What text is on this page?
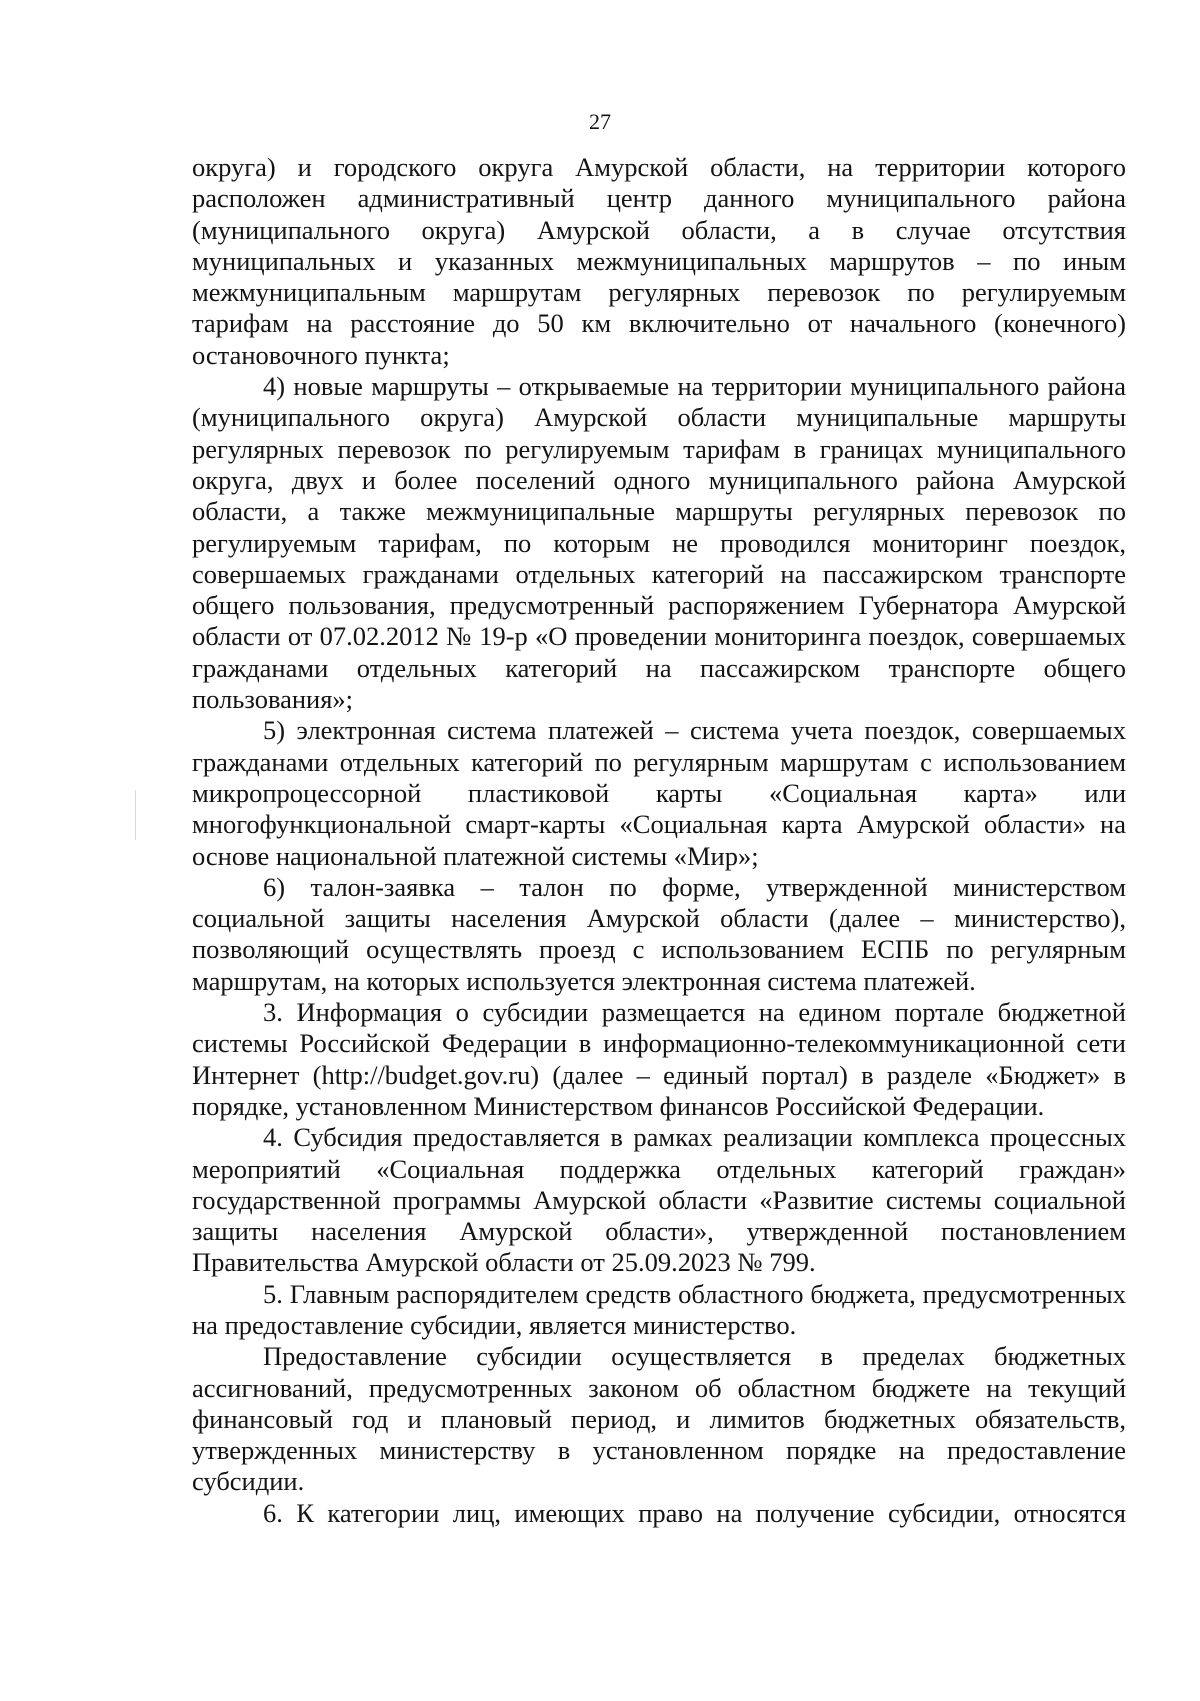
27

округа) и городского округа Амурской области, на территории которого расположен административный центр данного муниципального района (муниципального округа) Амурской области, а в случае отсутствия муниципальных и указанных межмуниципальных маршрутов – по иным межмуниципальным маршрутам регулярных перевозок по регулируемым тарифам на расстояние до 50 км включительно от начального (конечного) остановочного пункта;

4) новые маршруты – открываемые на территории муниципального района (муниципального округа) Амурской области муниципальные маршруты регулярных перевозок по регулируемым тарифам в границах муниципального округа, двух и более поселений одного муниципального района Амурской области, а также межмуниципальные маршруты регулярных перевозок по регулируемым тарифам, по которым не проводился мониторинг поездок, совершаемых гражданами отдельных категорий на пассажирском транспорте общего пользования, предусмотренный распоряжением Губернатора Амурской области от 07.02.2012 № 19-р «О проведении мониторинга поездок, совершаемых гражданами отдельных категорий на пассажирском транспорте общего пользования»;

5) электронная система платежей – система учета поездок, совершаемых гражданами отдельных категорий по регулярным маршрутам с использованием микропроцессорной пластиковой карты «Социальная карта» или многофункциональной смарт-карты «Социальная карта Амурской области» на основе национальной платежной системы «Мир»;

6) талон-заявка – талон по форме, утвержденной министерством социальной защиты населения Амурской области (далее – министерство), позволяющий осуществлять проезд с использованием ЕСПБ по регулярным маршрутам, на которых используется электронная система платежей.

3. Информация о субсидии размещается на едином портале бюджетной системы Российской Федерации в информационно-телекоммуникационной сети Интернет (http://budget.gov.ru) (далее – единый портал) в разделе «Бюджет» в порядке, установленном Министерством финансов Российской Федерации.

4. Субсидия предоставляется в рамках реализации комплекса процессных мероприятий «Социальная поддержка отдельных категорий граждан» государственной программы Амурской области «Развитие системы социальной защиты населения Амурской области», утвержденной постановлением Правительства Амурской области от 25.09.2023 № 799.

5. Главным распорядителем средств областного бюджета, предусмотренных на предоставление субсидии, является министерство.

Предоставление субсидии осуществляется в пределах бюджетных ассигнований, предусмотренных законом об областном бюджете на текущий финансовый год и плановый период, и лимитов бюджетных обязательств, утвержденных министерству в установленном порядке на предоставление субсидии.

6. К категории лиц, имеющих право на получение субсидии, относятся
